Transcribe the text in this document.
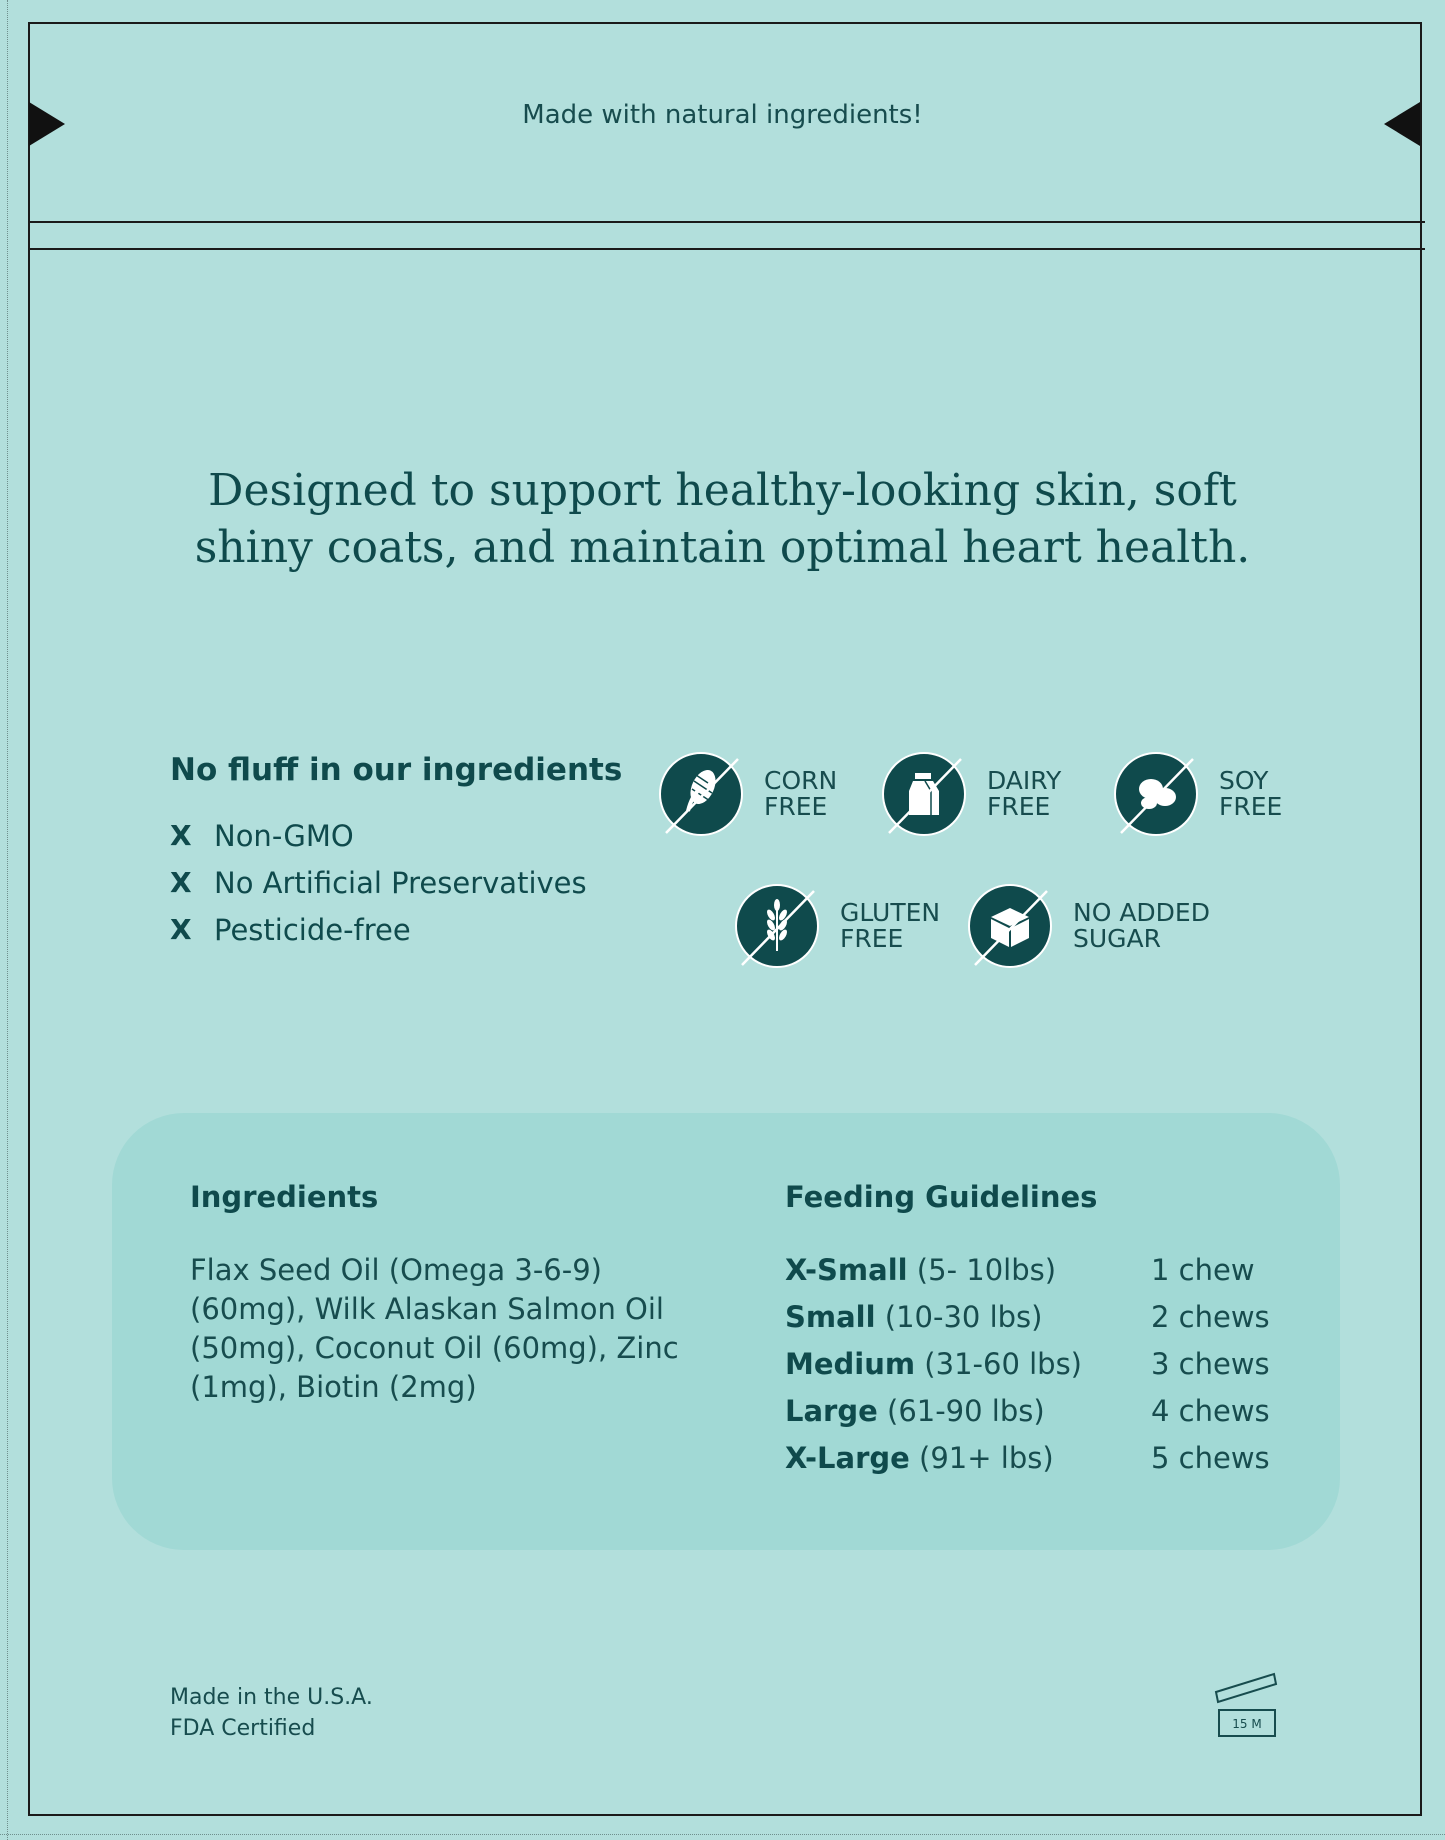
Made with natural ingredients!
Designed to support healthy-looking skin, soft
shiny coats, and maintain optimal heart health.
No fluff in our ingredients
X Non-GMO
X No Artificial Preservatives
X Pesticide-free
CORN
FREE
DAIRY
FREE
SOY
FREE
GLUTEN
FREE
NO ADDED
SUGAR
Ingredients
Flax Seed Oil (Omega 3-6-9) (60mg), Wilk Alaskan Salmon Oil (50mg), Coconut Oil (60mg), Zinc (1mg), Biotin (2mg)
Feeding Guidelines
X-Small (5- 10lbs)	1 chew
Small (10-30 lbs)	2 chews
Medium (31-60 lbs) 3 chews
Large (61-90 lbs)	4 chews
X-Large (91+ lbs)	5 chews
Made in the U.S.A.
FDA Certified	15 M
